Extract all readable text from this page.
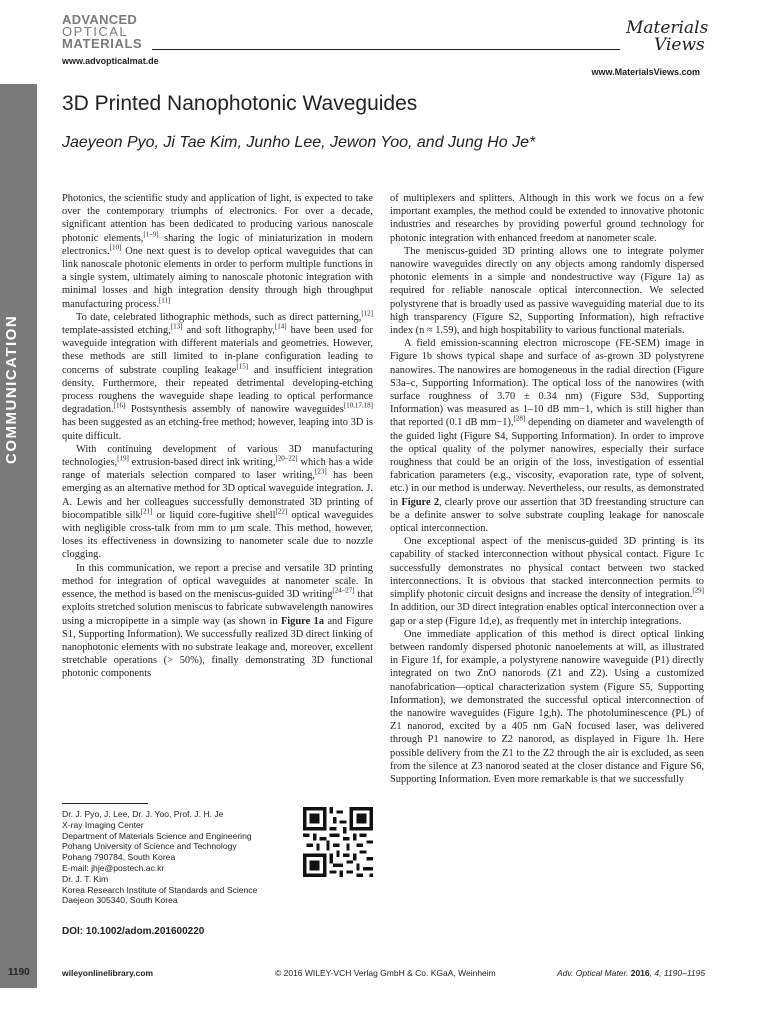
COMMUNICATION
ADVANCED
OPTICAL
MATERIALS
www.advopticalmat.de
Materials
Views
www.MaterialsViews.com
3D Printed Nanophotonic Waveguides
Jaeyeon Pyo, Ji Tae Kim, Junho Lee, Jewon Yoo, and Jung Ho Je*

Photonics, the scientific study and application of light, is expected to take over the contemporary triumphs of electronics. For over a decade, significant attention has been dedicated to producing various nanoscale photonic elements,[1–9] sharing the logic of miniaturization in modern electronics.[10] One next quest is to develop optical waveguides that can link nanoscale photonic elements in order to perform multiple functions in a single system, ultimately aiming to nanoscale photonic integration with minimal losses and high integration density through high throughput manufacturing process.[11]

To date, celebrated lithographic methods, such as direct patterning,[12] template-assisted etching,[13] and soft lithography,[14] have been used for waveguide integration with different materials and geometries. However, these methods are still limited to in-plane configuration leading to concerns of substrate coupling leakage[15] and insufficient integration density. Furthermore, their repeated detrimental developing-etching process roughens the waveguide shape leading to optical performance degradation.[16] Postsynthesis assembly of nanowire waveguides[10,17,18] has been suggested as an etching-free method; however, leaping into 3D is quite difficult.

With continuing development of various 3D manufacturing technologies,[19] extrusion-based direct ink writing,[20–22] which has a wide range of materials selection compared to laser writing,[23] has been emerging as an alternative method for 3D optical waveguide integration. J. A. Lewis and her colleagues successfully demonstrated 3D printing of biocompatible silk[21] or liquid core-fugitive shell[22] optical waveguides with negligible cross-talk from mm to µm scale. This method, however, loses its effectiveness in downsizing to nanometer scale due to nozzle clogging.

In this communication, we report a precise and versatile 3D printing method for integration of optical waveguides at nanometer scale. In essence, the method is based on the meniscus-guided 3D writing[24–27] that exploits stretched solution meniscus to fabricate subwavelength nanowires using a micropipette in a simple way (as shown in Figure 1a and Figure S1, Supporting Information). We successfully realized 3D direct linking of nanophotonic elements with no substrate leakage and, moreover, excellent stretchable operations (> 50%), finally demonstrating 3D functional photonic components

of multiplexers and splitters. Although in this work we focus on a few important examples, the method could be extended to innovative photonic industries and researches by providing powerful ground technology for photonic integration with enhanced freedom at nanometer scale.

The meniscus-guided 3D printing allows one to integrate polymer nanowire waveguides directly on any objects among randomly dispersed photonic elements in a simple and nondestructive way (Figure 1a) as required for reliable nanoscale optical interconnection. We selected polystyrene that is broadly used as passive waveguiding material due to its high transparency (Figure S2, Supporting Information), high refractive index (n ≈ 1.59), and high hospitability to various functional materials.

A field emission-scanning electron microscope (FE-SEM) image in Figure 1b shows typical shape and surface of as-grown 3D polystyrene nanowires. The nanowires are homogeneous in the radial direction (Figure S3a–c, Supporting Information). The optical loss of the nanowires (with surface roughness of 3.70 ± 0.34 nm) (Figure S3d, Supporting Information) was measured as 1–10 dB mm−1, which is still higher than that reported (0.1 dB mm−1),[28] depending on diameter and wavelength of the guided light (Figure S4, Supporting Information). In order to improve the optical quality of the polymer nanowires, especially their surface roughness that could be an origin of the loss, investigation of essential fabrication parameters (e.g., viscosity, evaporation rate, type of solvent, etc.) in our method is underway. Nevertheless, our results, as demonstrated in Figure 2, clearly prove our assertion that 3D freestanding structure can be a definite answer to solve substrate coupling leakage for nanoscale optical interconnection.

One exceptional aspect of the meniscus-guided 3D printing is its capability of stacked interconnection without physical contact. Figure 1c successfully demonstrates no physical contact between two stacked interconnections. It is obvious that stacked interconnection permits to simplify photonic circuit designs and increase the density of integration.[29] In addition, our 3D direct integration enables optical interconnection over a gap or a step (Figure 1d,e), as frequently met in interchip integrations.

One immediate application of this method is direct optical linking between randomly dispersed photonic nanoelements at will, as illustrated in Figure 1f, for example, a polystyrene nanowire waveguide (P1) directly integrated on two ZnO nanorods (Z1 and Z2). Using a customized nanofabrication—optical characterization system (Figure S5, Supporting Information), we demonstrated the successful optical interconnection of the nanowire waveguides (Figure 1g,h). The photoluminescence (PL) of Z1 nanorod, excited by a 405 nm GaN focused laser, was delivered through P1 nanowire to Z2 nanorod, as displayed in Figure 1h. Here possible delivery from the Z1 to the Z2 through the air is excluded, as seen from the silence at Z3 nanorod seated at the closer distance and Figure S6, Supporting Information. Even more remarkable is that we successfully

Dr. J. Pyo, J. Lee, Dr. J. Yoo, Prof. J. H. Je
X-ray Imaging Center
Department of Materials Science and Engineering
Pohang University of Science and Technology
Pohang 790784, South Korea
E-mail: jhje@postech.ac.kr
Dr. J. T. Kim
Korea Research Institute of Standards and Science
Daejeon 305340, South Korea
DOI: 10.1002/adom.201600220
1190	wileyonlinelibrary.com	© 2016 WILEY-VCH Verlag GmbH & Co. KGaA, Weinheim	Adv. Optical Mater. 2016, 4, 1190–1195
